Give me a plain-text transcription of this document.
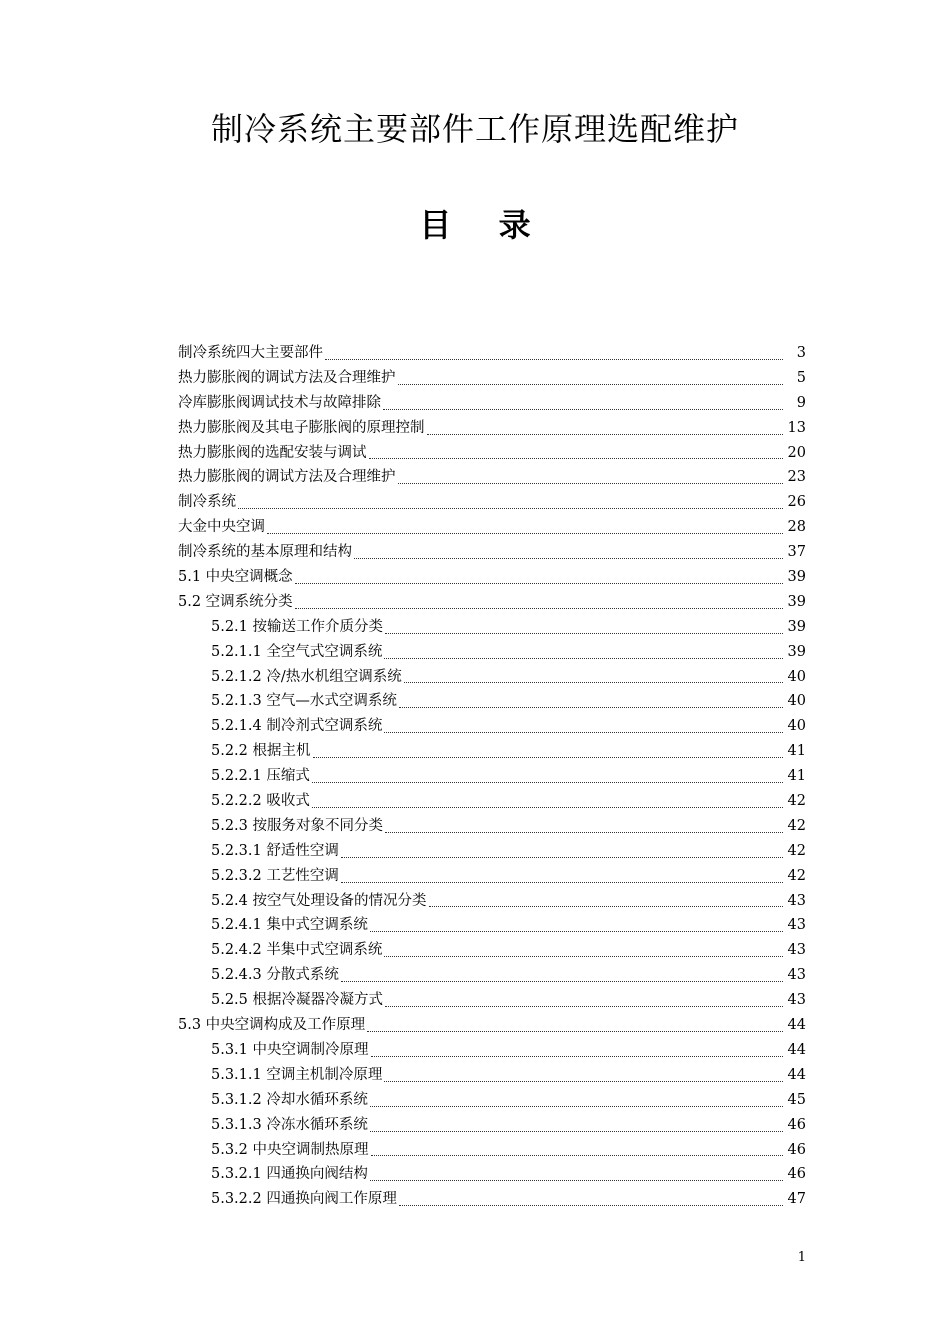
制冷系统主要部件工作原理选配维护
目 录
制冷系统四大主要部件	3
热力膨胀阀的调试方法及合理维护	5
冷库膨胀阀调试技术与故障排除	9
热力膨胀阀及其电子膨胀阀的原理控制	13
热力膨胀阀的选配安装与调试	20
热力膨胀阀的调试方法及合理维护	23
制冷系统	26
大金中央空调	28
制冷系统的基本原理和结构	37
5.1 中央空调概念	39
5.2 空调系统分类	39
5.2.1 按输送工作介质分类	39
5.2.1.1 全空气式空调系统	39
5.2.1.2 冷/热水机组空调系统	40
5.2.1.3 空气—水式空调系统	40
5.2.1.4 制冷剂式空调系统	40
5.2.2 根据主机	41
5.2.2.1 压缩式	41
5.2.2.2 吸收式	42
5.2.3 按服务对象不同分类	42
5.2.3.1 舒适性空调	42
5.2.3.2 工艺性空调	42
5.2.4 按空气处理设备的情况分类	43
5.2.4.1 集中式空调系统	43
5.2.4.2 半集中式空调系统	43
5.2.4.3 分散式系统	43
5.2.5 根据冷凝器冷凝方式	43
5.3 中央空调构成及工作原理	44
5.3.1 中央空调制冷原理	44
5.3.1.1 空调主机制冷原理	44
5.3.1.2 冷却水循环系统	45
5.3.1.3 冷冻水循环系统	46
5.3.2 中央空调制热原理	46
5.3.2.1 四通换向阀结构	46
5.3.2.2 四通换向阀工作原理	47
1
